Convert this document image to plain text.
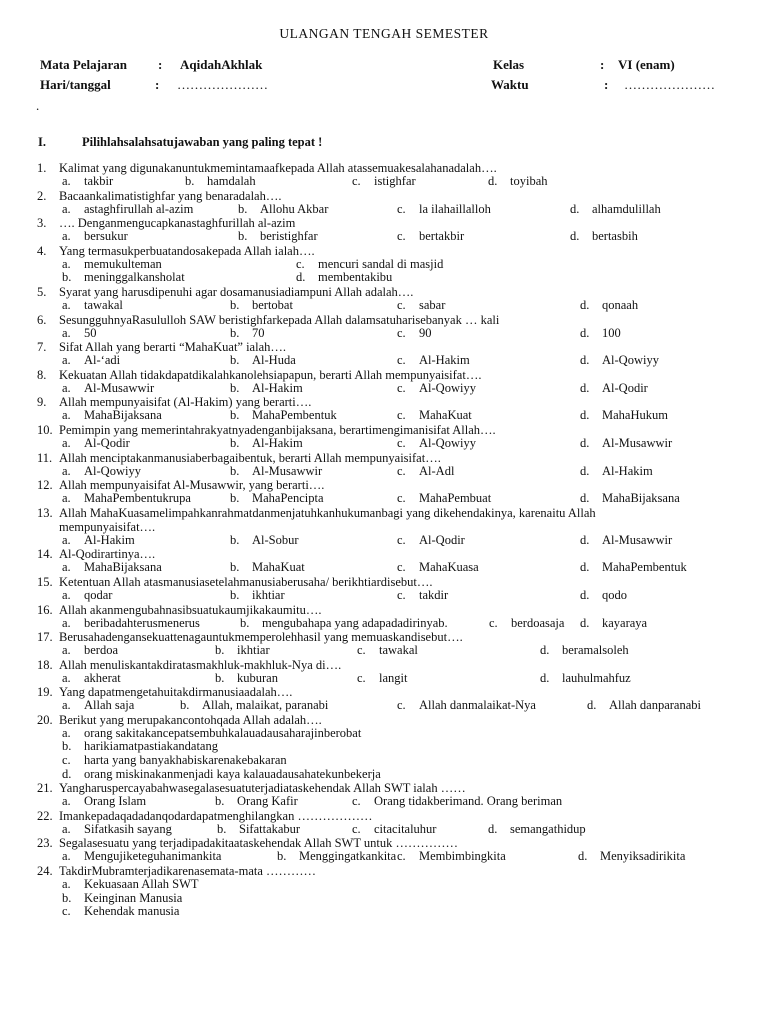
ULANGAN TENGAH SEMESTER
Mata Pelajaran : AqidahAkhlak	Kelas	: VI (enam)
Hari/tanggal	: …………………	Waktu	: …………………
.
I.	Pilihlahsalahsatujawaban yang paling tepat !
1. Kalimat yang digunakanuntukmemintamaafkepada Allah atassemuakesalahanadalah….
a. takbir	b. hamdalah	c. istighfar	d. toyibah
2. Bacaankalimatistighfar yang benaradalah….
a. astaghfirullah al-azim	b. Allohu Akbar	c. la ilahaillalloh	d. alhamdulillah
3. …. Denganmengucapkanastaghfurillah al-azim
a. bersukur	b. beristighfar	c. bertakbir	d. bertasbih
4. Yang termasukperbuatandosakepada Allah ialah….
a. memukulteman	c. mencuri sandal di masjid
b. meninggalkansholat	d. membentakibu
5. Syarat yang harusdipenuhi agar dosamanusiadiampuni Allah adalah….
a. tawakal	b. bertobat	c. sabar	d. qonaah
6. SesungguhnyaRasululloh SAW beristighfarkepada Allah dalamsatuharisebanyak … kali
a. 50	b. 70	c. 90	d. 100
7. Sifat Allah yang berarti “MahaKuat” ialah….
a. Al-‘adi	b. Al-Huda	c. Al-Hakim	d. Al-Qowiyy
8. Kekuatan Allah tidakdapatdikalahkanolehsiapapun, berarti Allah mempunyaisifat….
a. Al-Musawwir	b. Al-Hakim	c. Al-Qowiyy	d. Al-Qodir
9. Allah mempunyaisifat (Al-Hakim) yang berarti….
a. MahaBijaksana	b. MahaPembentuk	c. MahaKuat	d. MahaHukum
10. Pemimpin yang memerintahrakyatnyadenganbijaksana, berartimengimanisifat Allah….
a. Al-Qodir	b. Al-Hakim	c. Al-Qowiyy	d. Al-Musawwir
11. Allah menciptakanmanusiaberbagaibentuk, berarti Allah mempunyaisifat….
a. Al-Qowiyy	b. Al-Musawwir	c. Al-Adl	d. Al-Hakim
12. Allah mempunyaisifat Al-Musawwir, yang berarti….
a. MahaPembentukrupa	b. MahaPencipta	c. MahaPembuat	d. MahaBijaksana
13. Allah MahaKuasamelimpahkanrahmatdanmenjatuhkanhukumanbagi yang dikehendakinya, karenaitu Allah
mempunyaisifat….
a. Al-Hakim	b. Al-Sobur	c. Al-Qodir	d. Al-Musawwir
14. Al-Qodirartinya….
a. MahaBijaksana	b. MahaKuat	c. MahaKuasa	d. MahaPembentuk
15. Ketentuan Allah atasmanusiasetelahmanusiaberusaha/ berikhtiardisebut….
a. qodar	b. ikhtiar	c. takdir	d. qodo
16. Allah akanmengubahnasibsuatukaumjikakaumitu….
a. beribadahterusmenerus	b. mengubahapa yang adapadadirinyab.	c. berdoasaja d. kayaraya
17. Berusahadengansekuattenagauntukmemperolehhasil yang memuaskandisebut….
a. berdoa	b. ikhtiar	c. tawakal	d. beramalsoleh
18. Allah menuliskantakdiratasmakhluk-makhluk-Nya di….
a. akherat	b. kuburan	c. langit	d. lauhulmahfuz
19. Yang dapatmengetahuitakdirmanusiaadalah….
a. Allah saja	b. Allah, malaikat, paranabi	c. Allah danmalaikat-Nya	d. Allah danparanabi
20. Berikut yang merupakancontohqada Allah adalah….
a. orang sakitakancepatsembuhkalauadausaharajinberobat
b. harikiamatpastiakandatang
c. harta yang banyakhabiskarenakebakaran
d. orang miskinakanmenjadi kaya kalauadausahatekunbekerja
21. Yangharuspercayabahwasegalasesuatuterjadiataskehendak Allah SWT ialah ……
a. Orang Islam	b. Orang Kafir	c. Orang tidakberimand. Orang beriman
22. Imankepadaqadadanqodardapatmenghilangkan ………………
a. Sifatkasih sayang	b. Sifattakabur	c. citacitaluhur	d. semangathidup
23. Segalasesuatu yang terjadipadakitaataskehendak Allah SWT untuk ……………
a. Mengujiketeguhanimankita	b. Menggingatkankita c. Membimbingkita	d. Menyiksadirikita
24. TakdirMubramterjadikarenasemata-mata …………
a. Kekuasaan Allah SWT
b. Keinginan Manusia
c. Kehendak manusia
